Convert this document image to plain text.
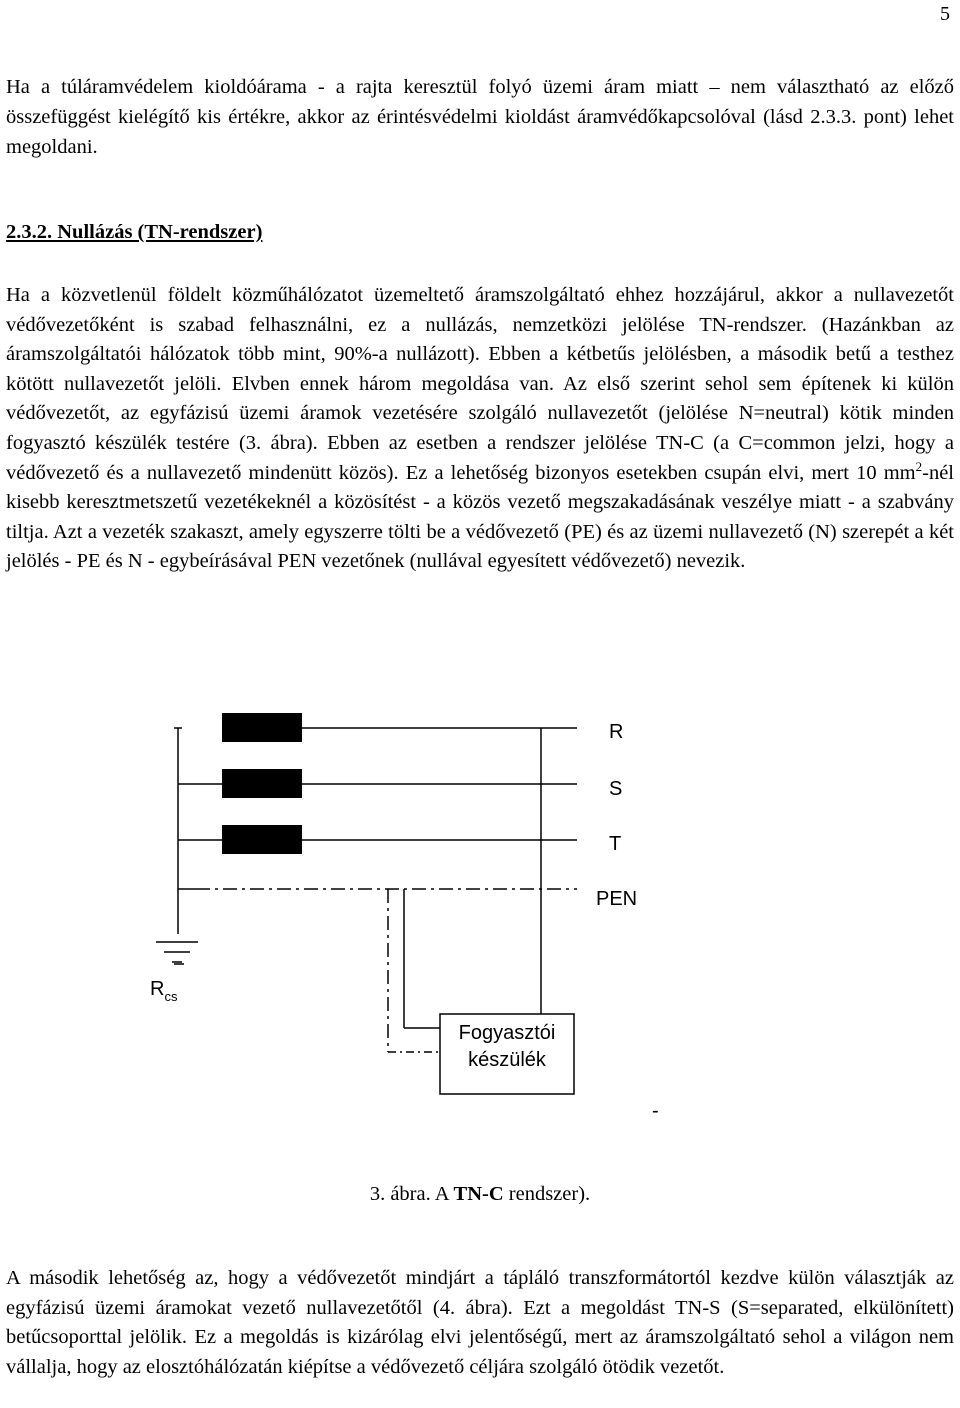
5

Ha a túláramvédelem kioldóárama - a rajta keresztül folyó üzemi áram miatt – nem választható az előző összefüggést kielégítő kis értékre, akkor az érintésvédelmi kioldást áramvédőkapcsolóval (lásd 2.3.3. pont) lehet megoldani.

2.3.2. Nullázás (TN-rendszer)

Ha a közvetlenül földelt közműhálózatot üzemeltető áramszolgáltató ehhez hozzájárul, akkor a nullavezetőt védővezetőként is szabad felhasználni, ez a nullázás, nemzetközi jelölése TN-rendszer. (Hazánkban az áramszolgáltatói hálózatok több mint, 90%-a nullázott). Ebben a kétbetűs jelölésben, a második betű a testhez kötött nullavezetőt jelöli. Elvben ennek három megoldása van. Az első szerint sehol sem építenek ki külön védővezetőt, az egyfázisú üzemi áramok vezetésére szolgáló nullavezetőt (jelölése N=neutral) kötik minden fogyasztó készülék testére (3. ábra). Ebben az esetben a rendszer jelölése TN-C (a C=common jelzi, hogy a védővezető és a nullavezető mindenütt közös). Ez a lehetőség bizonyos esetekben csupán elvi, mert 10 $mm^2$-nél kisebb keresztmetszetű vezetékeknél a közösítést - a közös vezető megszakadásának veszélye miatt - a szabvány tiltja. Azt a vezeték szakaszt, amely egyszerre tölti be a védővezető (PE) és az üzemi nullavezető (N) szerepét a két jelölés - PE és N - egybeírásával PEN vezetőnek (nullával egyesített védővezető) nevezik.

R
S
T
PEN
$R_{cs}$
Fogyasztói
készülék
-
3. ábra. A TN-C rendszer).

A második lehetőség az, hogy a védővezetőt mindjárt a tápláló transzformátortól kezdve külön választják az egyfázisú üzemi áramokat vezető nullavezetőtől (4. ábra). Ezt a megoldást TN-S (S=separated, elkülönített) betűcsoporttal jelölik. Ez a megoldás is kizárólag elvi jelentőségű, mert az áramszolgáltató sehol a világon nem vállalja, hogy az elosztóhálózatán kiépítse a védővezető céljára szolgáló ötödik vezetőt.
